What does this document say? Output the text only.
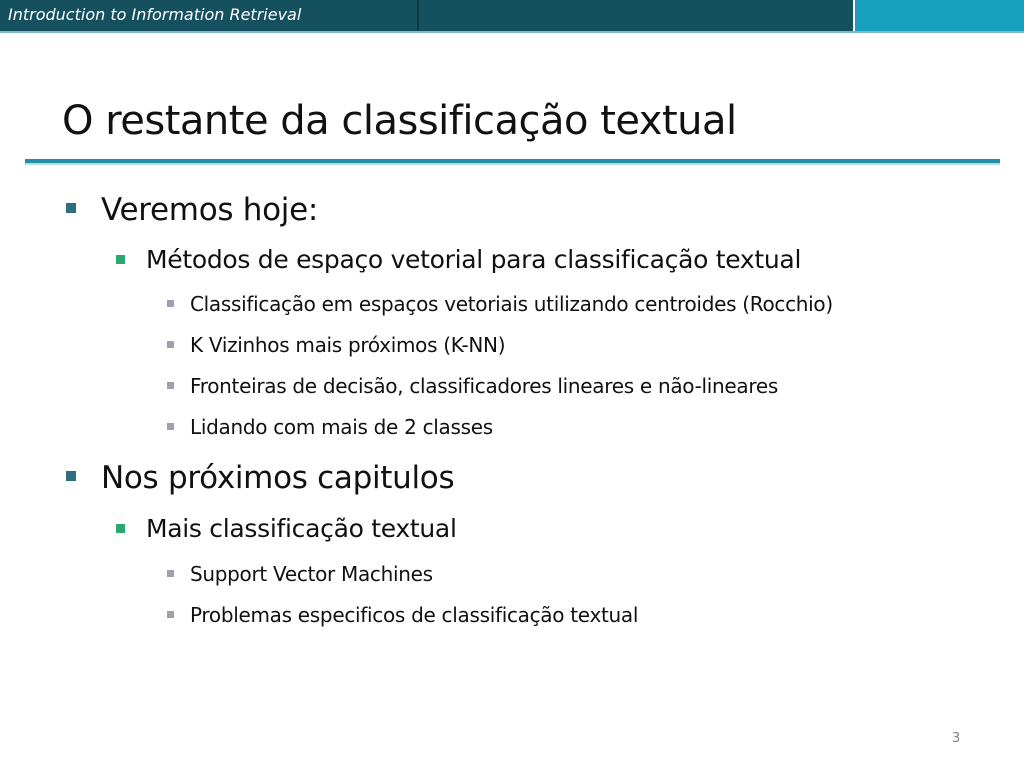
Introduction to Information Retrieval
O restante da classificação textual
Veremos hoje:
Métodos de espaço vetorial para classificação textual
Classificação em espaços vetoriais utilizando centroides (Rocchio)
K Vizinhos mais próximos (K-NN)
Fronteiras de decisão, classificadores lineares e não-lineares
Lidando com mais de 2 classes
Nos próximos capitulos
Mais classificação textual
Support Vector Machines
Problemas especificos de classificação textual
3
